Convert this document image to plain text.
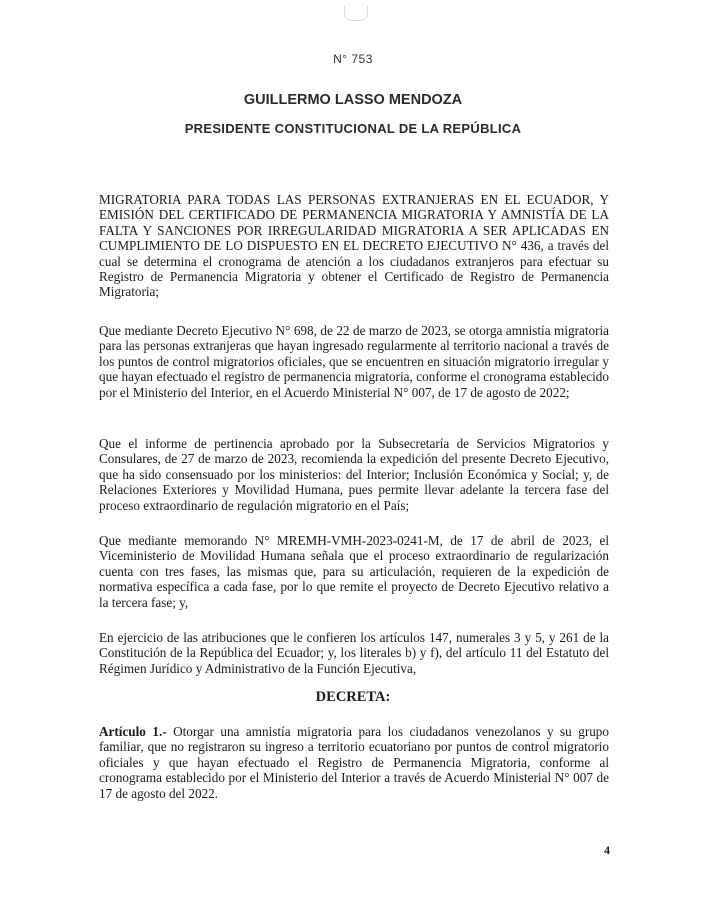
N° 753
GUILLERMO LASSO MENDOZA
PRESIDENTE CONSTITUCIONAL DE LA REPÚBLICA

MIGRATORIA PARA TODAS LAS PERSONAS EXTRANJERAS EN EL ECUADOR, Y EMISIÓN DEL CERTIFICADO DE PERMANENCIA MIGRATORIA Y AMNISTÍA DE LA FALTA Y SANCIONES POR IRREGULARIDAD MIGRATORIA A SER APLICADAS EN CUMPLIMIENTO DE LO DISPUESTO EN EL DECRETO EJECUTIVO N° 436, a través del cual se determina el cronograma de atención a los ciudadanos extranjeros para efectuar su Registro de Permanencia Migratoria y obtener el Certificado de Registro de Permanencia Migratoria;

Que mediante Decreto Ejecutivo N° 698, de 22 de marzo de 2023, se otorga amnistía migratoria para las personas extranjeras que hayan ingresado regularmente al territorio nacional a través de los puntos de control migratorios oficiales, que se encuentren en situación migratorio irregular y que hayan efectuado el registro de permanencia migratoria, conforme el cronograma establecido por el Ministerio del Interior, en el Acuerdo Ministerial N° 007, de 17 de agosto de 2022;

Que el informe de pertinencia aprobado por la Subsecretaría de Servicios Migratorios y Consulares, de 27 de marzo de 2023, recomienda la expedición del presente Decreto Ejecutivo, que ha sido consensuado por los ministerios: del Interior; Inclusión Económica y Social; y, de Relaciones Exteriores y Movilidad Humana, pues permite llevar adelante la tercera fase del proceso extraordinario de regulación migratorio en el País;

Que mediante memorando N° MREMH-VMH-2023-0241-M, de 17 de abril de 2023, el Viceministerio de Movilidad Humana señala que el proceso extraordinario de regularización cuenta con tres fases, las mismas que, para su articulación, requieren de la expedición de normativa específica a cada fase, por lo que remite el proyecto de Decreto Ejecutivo relativo a la tercera fase; y,

En ejercicio de las atribuciones que le confieren los artículos 147, numerales 3 y 5, y 261 de la Constitución de la República del Ecuador; y, los literales b) y f), del artículo 11 del Estatuto del Régimen Jurídico y Administrativo de la Función Ejecutiva,

DECRETA:

Artículo 1.- Otorgar una amnistía migratoria para los ciudadanos venezolanos y su grupo familiar, que no registraron su ingreso a territorio ecuatoriano por puntos de control migratorio oficiales y que hayan efectuado el Registro de Permanencia Migratoria, conforme al cronograma establecido por el Ministerio del Interior a través de Acuerdo Ministerial N° 007 de 17 de agosto del 2022.

4
